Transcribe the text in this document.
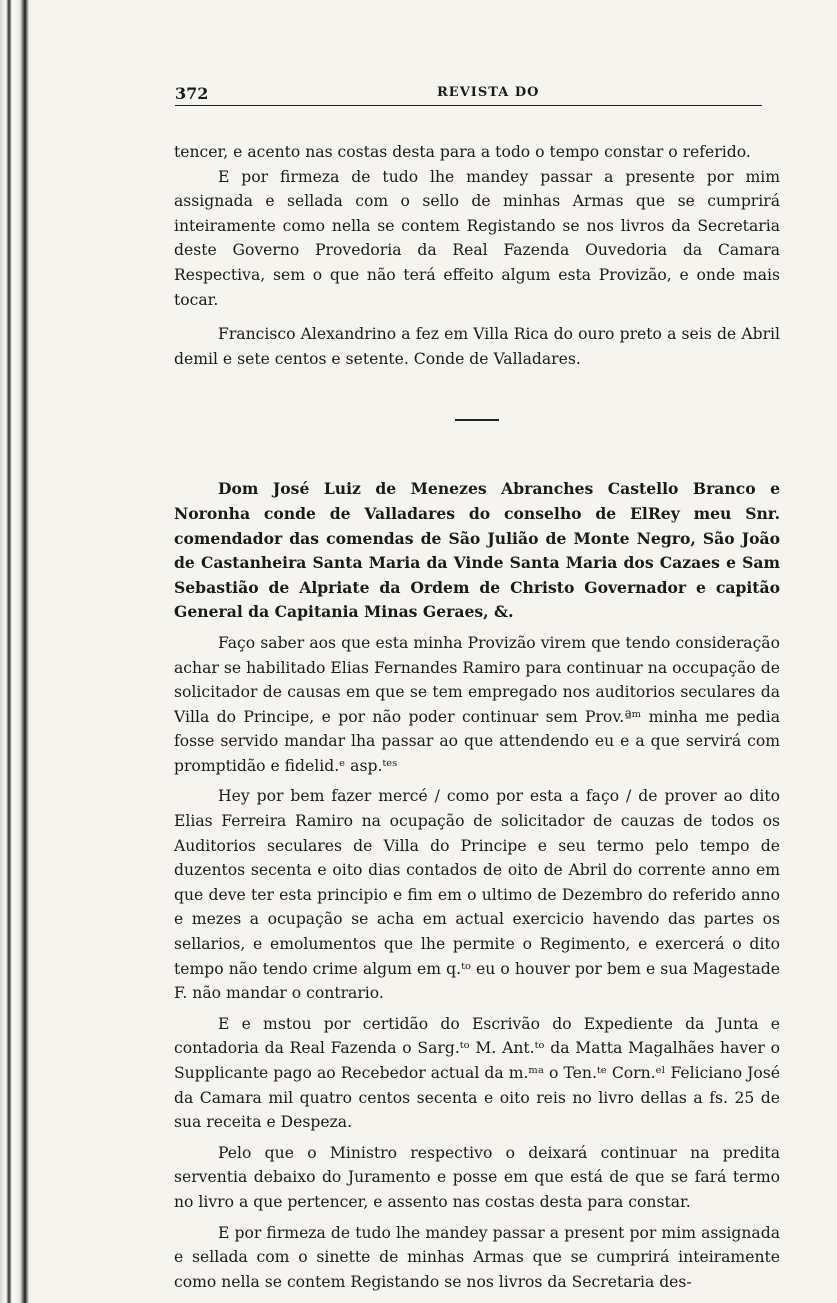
372	REVISTA DO

tencer, e acento nas costas desta para a todo o tempo constar o referido.

E por firmeza de tudo lhe mandey passar a presente por mim assignada e sellada com o sello de minhas Armas que se cumprirá inteiramente como nella se contem Registando se nos livros da Secretaria deste Governo Provedoria da Real Fazenda Ouvedoria da Camara Respectiva, sem o que não terá effeito algum esta Provizão, e onde mais tocar.

Francisco Alexandrino a fez em Villa Rica do ouro preto a seis de Abril demil e sete centos e setente. Conde de Valladares.

Dom José Luiz de Menezes Abranches Castello Branco e Noronha conde de Valladares do conselho de ElRey meu Snr. comendador das comendas de São Julião de Monte Negro, São João de Castanheira Santa Maria da Vinde Santa Maria dos Cazaes e Sam Sebastião de Alpriate da Ordem de Christo Governador e capitão General da Capitania Minas Geraes, &.

Faço saber aos que esta minha Provizão virem que tendo consideração achar se habilitado Elias Fernandes Ramiro para continuar na occupação de solicitador de causas em que se tem empregado nos auditorios seculares da Villa do Principe, e por não poder continuar sem Prov.ªᵐ minha me pedia fosse servido mandar lha passar ao que attendendo eu e a que servirá com promptidão e fidelid.ᵉ asp.ᵗᵉˢ

Hey por bem fazer mercé / como por esta a faço / de prover ao dito Elias Ferreira Ramiro na ocupação de solicitador de cauzas de todos os Auditorios seculares de Villa do Principe e seu termo pelo tempo de duzentos secenta e oito dias contados de oito de Abril do corrente anno em que deve ter esta principio e fim em o ultimo de Dezembro do referido anno e mezes a ocupação se acha em actual exercicio havendo das partes os sellarios, e emolumentos que lhe permite o Regimento, e exercerá o dito tempo não tendo crime algum em q.ᵗᵒ eu o houver por bem e sua Magestade F. não mandar o contrario.

E e mstou por certidão do Escrivão do Expediente da Junta e contadoria da Real Fazenda o Sarg.ᵗᵒ M. Ant.ᵗᵒ da Matta Magalhães haver o Supplicante pago ao Recebedor actual da m.ᵐᵃ o Ten.ᵗᵉ Corn.ᵉˡ Feliciano José da Camara mil quatro centos secenta e oito reis no livro dellas a fs. 25 de sua receita e Despeza.

Pelo que o Ministro respectivo o deixará continuar na predita serventia debaixo do Juramento e posse em que está de que se fará termo no livro a que pertencer, e assento nas costas desta para constar.

E por firmeza de tudo lhe mandey passar a present por mim assignada e sellada com o sinette de minhas Armas que se cumprirá inteiramente como nella se contem Registando se nos livros da Secretaria des-
